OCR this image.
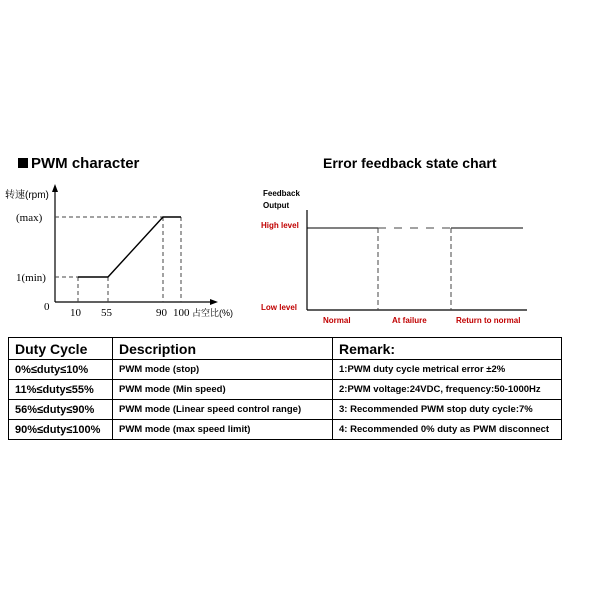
PWM character	Error feedback state chart
转速(rpm)
(max)
1(min)
0 10 55	90 100 占空比(%)
Feedback
Output
High level
Low level
Normal	At failure	Return to normal
Duty Cycle	Description	Remark:
0%≤duty≤10%	PWM mode (stop)	1:PWM duty cycle metrical error ±2%
11%≤duty≤55%	PWM mode (Min speed)	2:PWM voltage:24VDC, frequency:50-1000Hz
56%≤duty≤90%	PWM mode (Linear speed control range)	3: Recommended PWM stop duty cycle:7%
90%≤duty≤100%	PWM mode (max speed limit)	4: Recommended 0% duty as PWM disconnect
